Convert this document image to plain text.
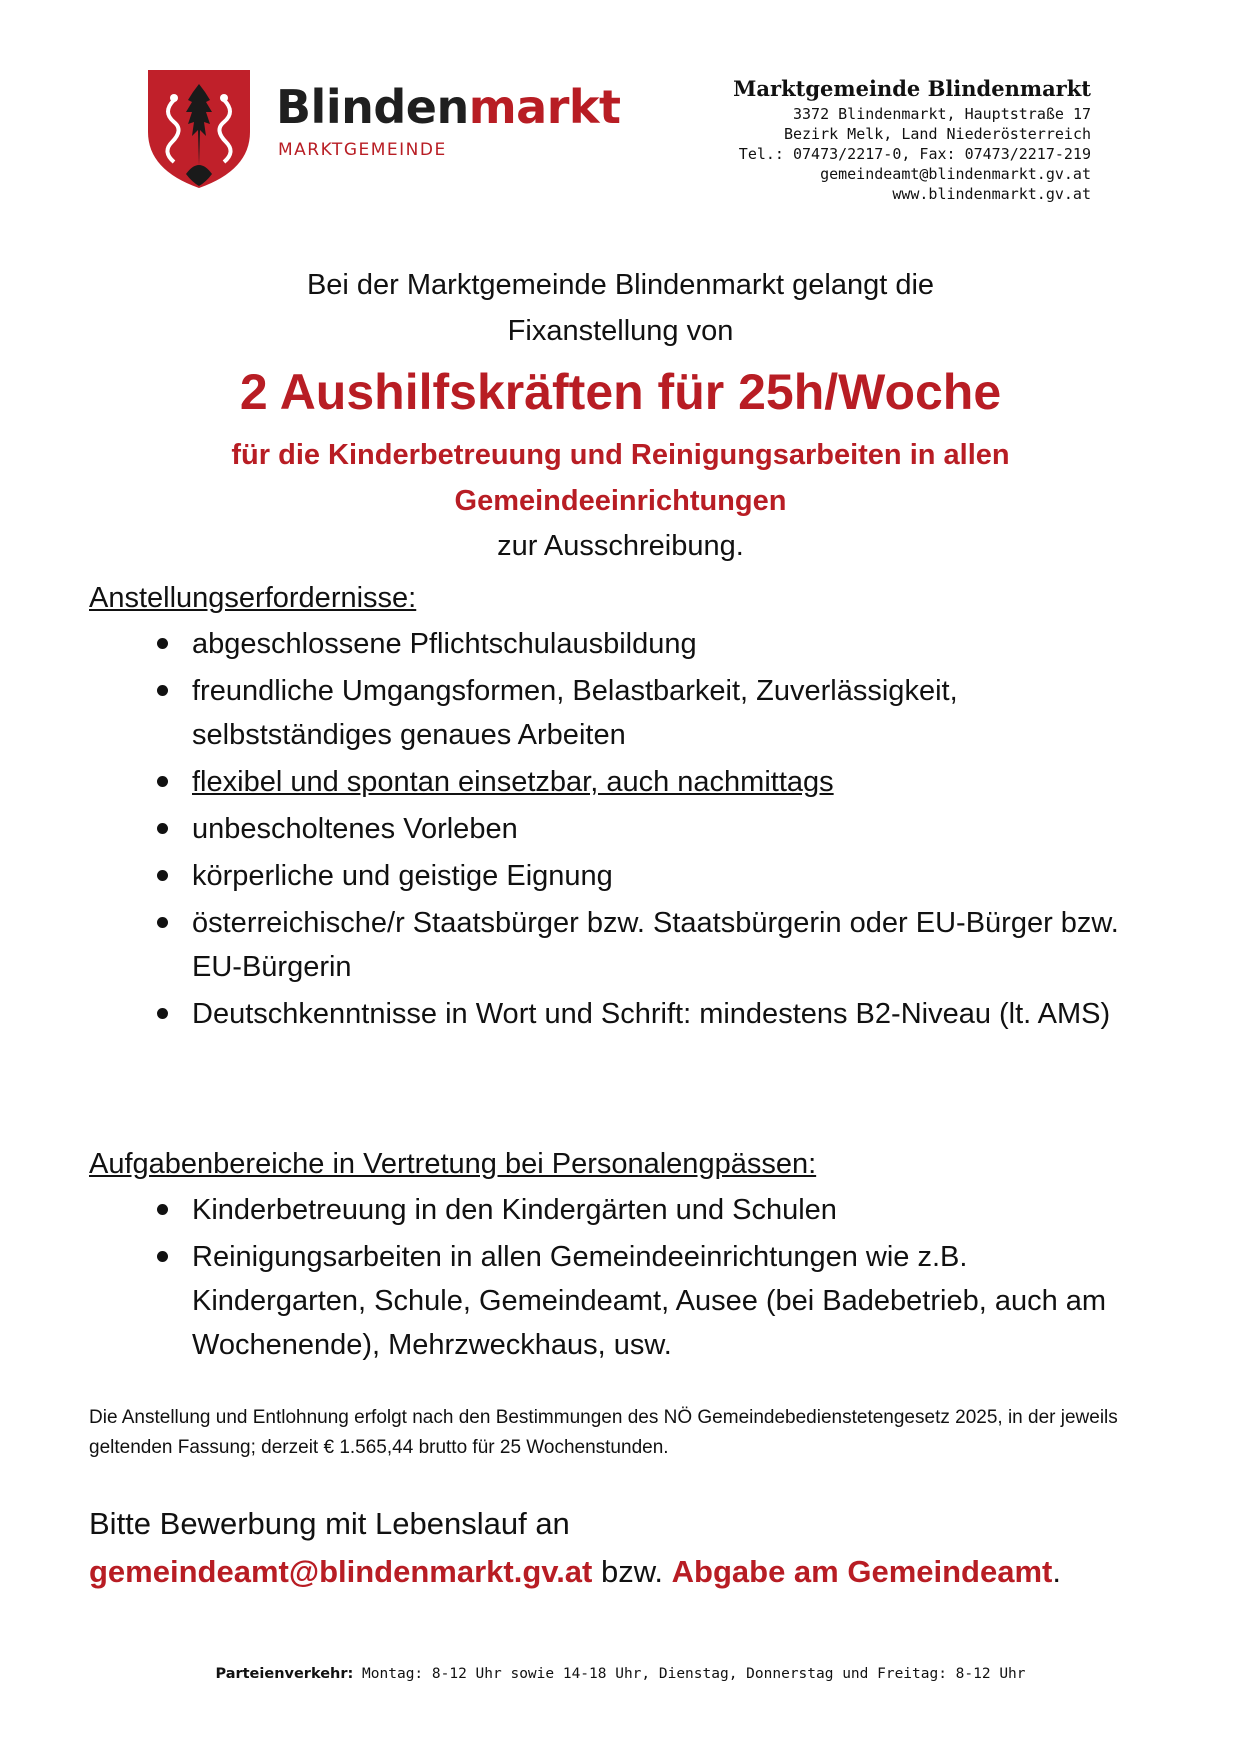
Blindenmarkt
MARKTGEMEINDE
Marktgemeinde Blindenmarkt
3372 Blindenmarkt, Hauptstraße 17
Bezirk Melk, Land Niederösterreich
Tel.: 07473/2217-0, Fax: 07473/2217-219
gemeindeamt@blindenmarkt.gv.at
www.blindenmarkt.gv.at
Bei der Marktgemeinde Blindenmarkt gelangt die
Fixanstellung von
2 Aushilfskräften für 25h/Woche
für die Kinderbetreuung und Reinigungsarbeiten in allen Gemeindeeinrichtungen
zur Ausschreibung.
Anstellungserfordernisse:
abgeschlossene Pflichtschulausbildung
freundliche Umgangsformen, Belastbarkeit, Zuverlässigkeit, selbstständiges genaues Arbeiten
flexibel und spontan einsetzbar, auch nachmittags
unbescholtenes Vorleben
körperliche und geistige Eignung
österreichische/r Staatsbürger bzw. Staatsbürgerin oder EU-Bürger bzw. EU-Bürgerin
Deutschkenntnisse in Wort und Schrift: mindestens B2-Niveau (lt. AMS)
Aufgabenbereiche in Vertretung bei Personalengpässen:
Kinderbetreuung in den Kindergärten und Schulen
Reinigungsarbeiten in allen Gemeindeeinrichtungen wie z.B. Kindergarten, Schule, Gemeindeamt, Ausee (bei Badebetrieb, auch am Wochenende), Mehrzweckhaus, usw.
Die Anstellung und Entlohnung erfolgt nach den Bestimmungen des NÖ Gemeindebedienstetengesetz 2025, in der jeweils geltenden Fassung; derzeit € 1.565,44 brutto für 25 Wochenstunden.
Bitte Bewerbung mit Lebenslauf an
gemeindeamt@blindenmarkt.gv.at bzw. Abgabe am Gemeindeamt.
Parteienverkehr: Montag: 8-12 Uhr sowie 14-18 Uhr, Dienstag, Donnerstag und Freitag: 8-12 Uhr
